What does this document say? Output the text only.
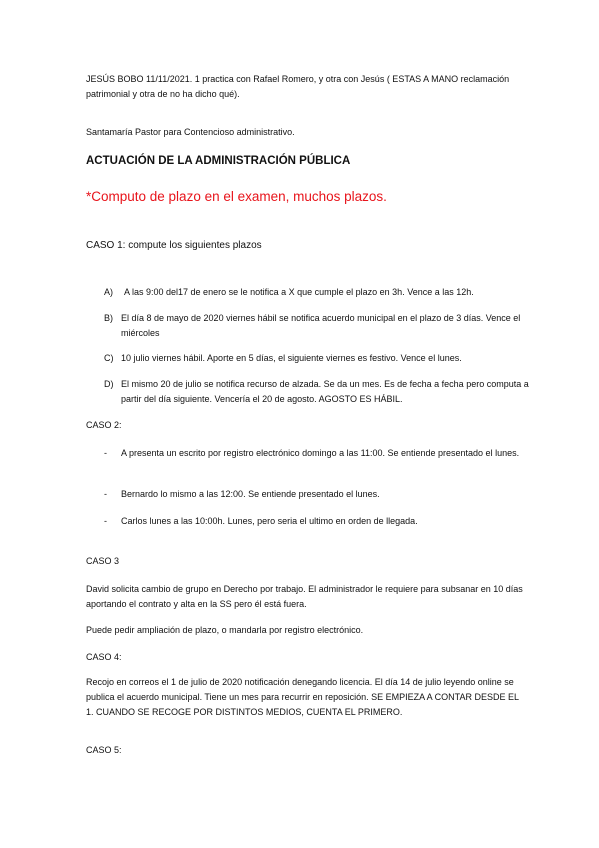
JESÚS BOBO 11/11/2021. 1 practica con Rafael Romero, y otra con Jesús ( ESTAS A MANO reclamación patrimonial y otra de no ha dicho qué).

Santamaría Pastor para Contencioso administrativo.

ACTUACIÓN DE LA ADMINISTRACIÓN PÚBLICA

*Computo de plazo en el examen, muchos plazos.

CASO 1: compute los siguientes plazos

A)	A las 9:00 del17 de enero se le notifica a X que cumple el plazo en 3h. Vence a las 12h.

B) El día 8 de mayo de 2020 viernes hábil se notifica acuerdo municipal en el plazo de 3 días. Vence el miércoles

C) 10 julio viernes hábil. Aporte en 5 días, el siguiente viernes es festivo. Vence el lunes.

D) El mismo 20 de julio se notifica recurso de alzada. Se da un mes. Es de fecha a fecha pero computa a partir del día siguiente. Vencería el 20 de agosto. AGOSTO ES HÁBIL.

CASO 2:

-	A presenta un escrito por registro electrónico domingo a las 11:00. Se entiende presentado el lunes.

-	Bernardo lo mismo a las 12:00. Se entiende presentado el lunes.

-	Carlos lunes a las 10:00h. Lunes, pero seria el ultimo en orden de llegada.

CASO 3

David solicita cambio de grupo en Derecho por trabajo. El administrador le requiere para subsanar en 10 días aportando el contrato y alta en la SS pero él está fuera.

Puede pedir ampliación de plazo, o mandarla por registro electrónico.

CASO 4:

Recojo en correos el 1 de julio de 2020 notificación denegando licencia. El día 14 de julio leyendo online se publica el acuerdo municipal. Tiene un mes para recurrir en reposición. SE EMPIEZA A CONTAR DESDE EL 1. CUANDO SE RECOGE POR DISTINTOS MEDIOS, CUENTA EL PRIMERO.

CASO 5:
